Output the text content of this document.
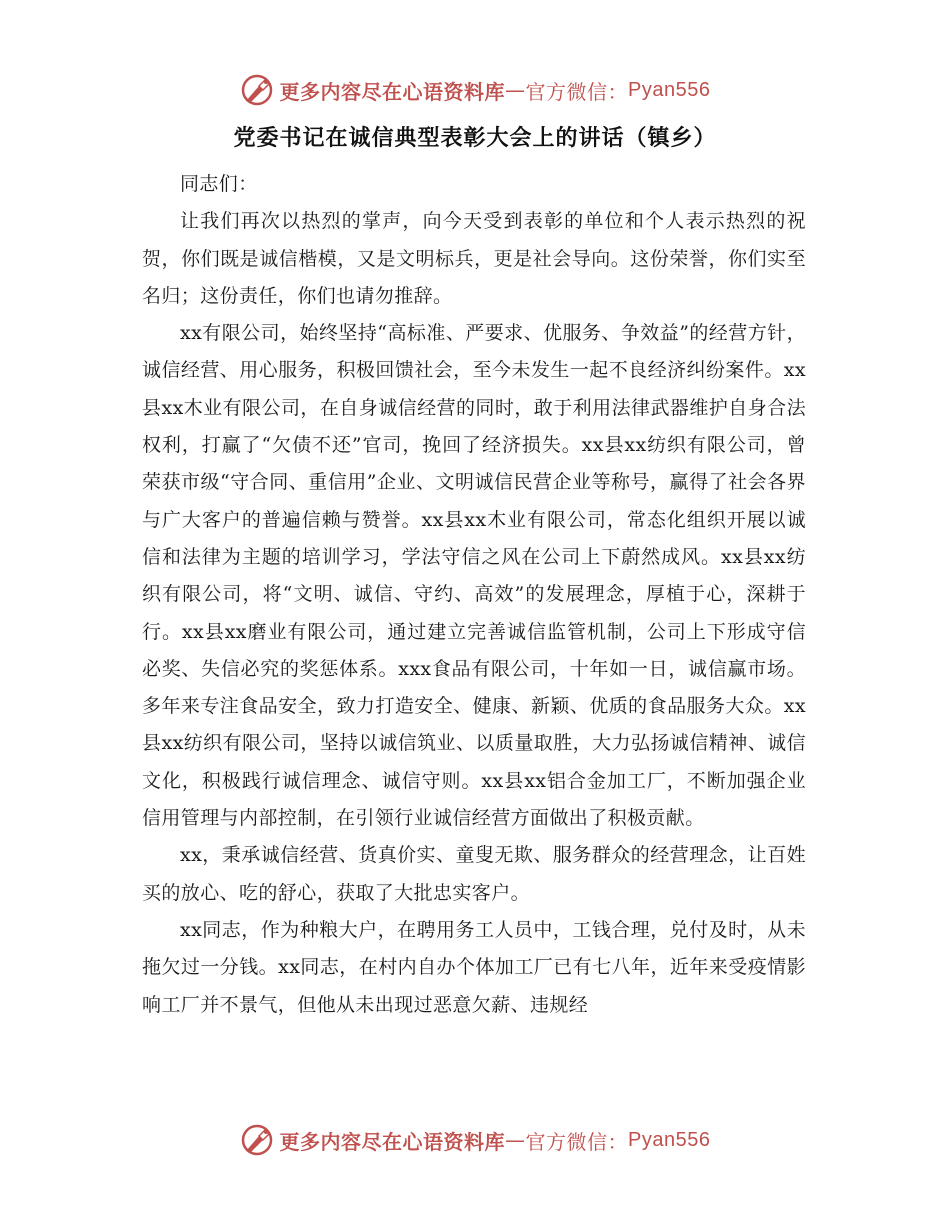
更多内容尽在心语资料库 — 官方微信： Pyan556
党委书记在诚信典型表彰大会上的讲话（镇乡）

同志们：

让我们再次以热烈的掌声，向今天受到表彰的单位和个人表示热烈的祝贺，你们既是诚信楷模，又是文明标兵，更是社会导向。这份荣誉，你们实至名归；这份责任，你们也请勿推辞。

xx有限公司，始终坚持“高标准、严要求、优服务、争效益”的经营方针，诚信经营、用心服务，积极回馈社会，至今未发生一起不良经济纠纷案件。xx县xx木业有限公司，在自身诚信经营的同时，敢于利用法律武器维护自身合法权利，打赢了“欠债不还”官司，挽回了经济损失。xx县xx纺织有限公司，曾荣获市级“守合同、重信用”企业、文明诚信民营企业等称号，赢得了社会各界与广大客户的普遍信赖与赞誉。xx县xx木业有限公司，常态化组织开展以诚信和法律为主题的培训学习，学法守信之风在公司上下蔚然成风。xx县xx纺织有限公司，将“文明、诚信、守约、高效”的发展理念，厚植于心，深耕于行。xx县xx磨业有限公司，通过建立完善诚信监管机制，公司上下形成守信必奖、失信必究的奖惩体系。xxx食品有限公司，十年如一日，诚信赢市场。多年来专注食品安全，致力打造安全、健康、新颖、优质的食品服务大众。xx县xx纺织有限公司，坚持以诚信筑业、以质量取胜，大力弘扬诚信精神、诚信文化，积极践行诚信理念、诚信守则。xx县xx铝合金加工厂，不断加强企业信用管理与内部控制，在引领行业诚信经营方面做出了积极贡献。

xx，秉承诚信经营、货真价实、童叟无欺、服务群众的经营理念，让百姓买的放心、吃的舒心，获取了大批忠实客户。

xx同志，作为种粮大户，在聘用务工人员中，工钱合理，兑付及时，从未拖欠过一分钱。xx同志，在村内自办个体加工厂已有七八年，近年来受疫情影响工厂并不景气，但他从未出现过恶意欠薪、违规经

更多内容尽在心语资料库 — 官方微信： Pyan556
